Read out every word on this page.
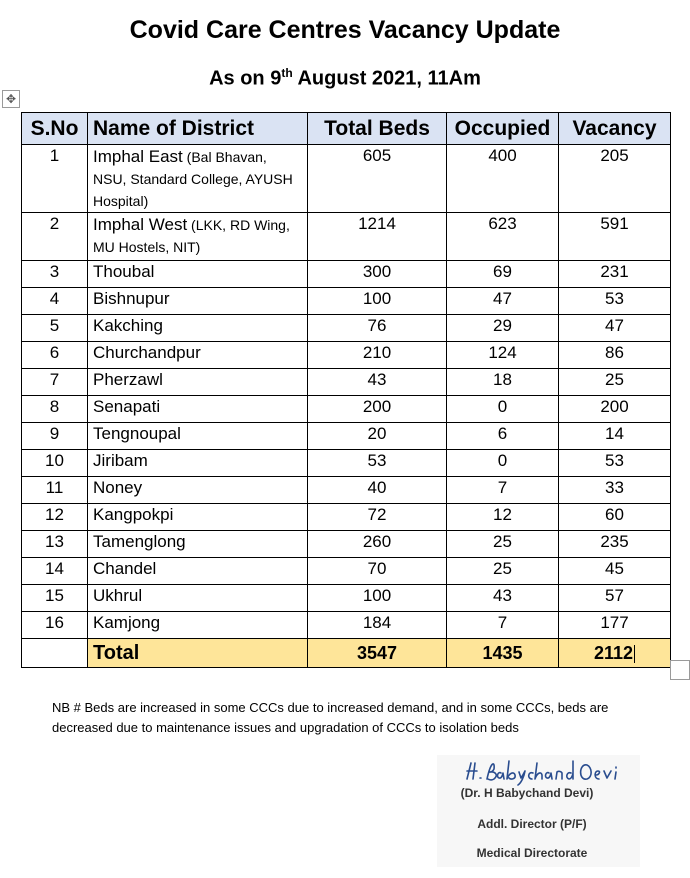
Covid Care Centres Vacancy Update
As on 9th August 2021, 11Am
✥
S.No	Name of District	Total Beds	Occupied	Vacancy
1	Imphal East (Bal Bhavan, NSU, Standard College, AYUSH Hospital)	605	400	205
2	Imphal West (LKK, RD Wing, MU Hostels, NIT)	1214	623	591
3	Thoubal	300	69	231
4	Bishnupur	100	47	53
5	Kakching	76	29	47
6	Churchandpur	210	124	86
7	Pherzawl	43	18	25
8	Senapati	200	0	200
9	Tengnoupal	20	6	14
10	Jiribam	53	0	53
11	Noney	40	7	33
12	Kangpokpi	72	12	60
13	Tamenglong	260	25	235
14	Chandel	70	25	45
15	Ukhrul	100	43	57
16	Kamjong	184	7	177
	Total	3547	1435	2112
NB # Beds are increased in some CCCs due to increased demand, and in some CCCs, beds are decreased due to maintenance issues and upgradation of CCCs to isolation beds
(Dr. H Babychand Devi)
Addl. Director (P/F)
Medical Directorate
